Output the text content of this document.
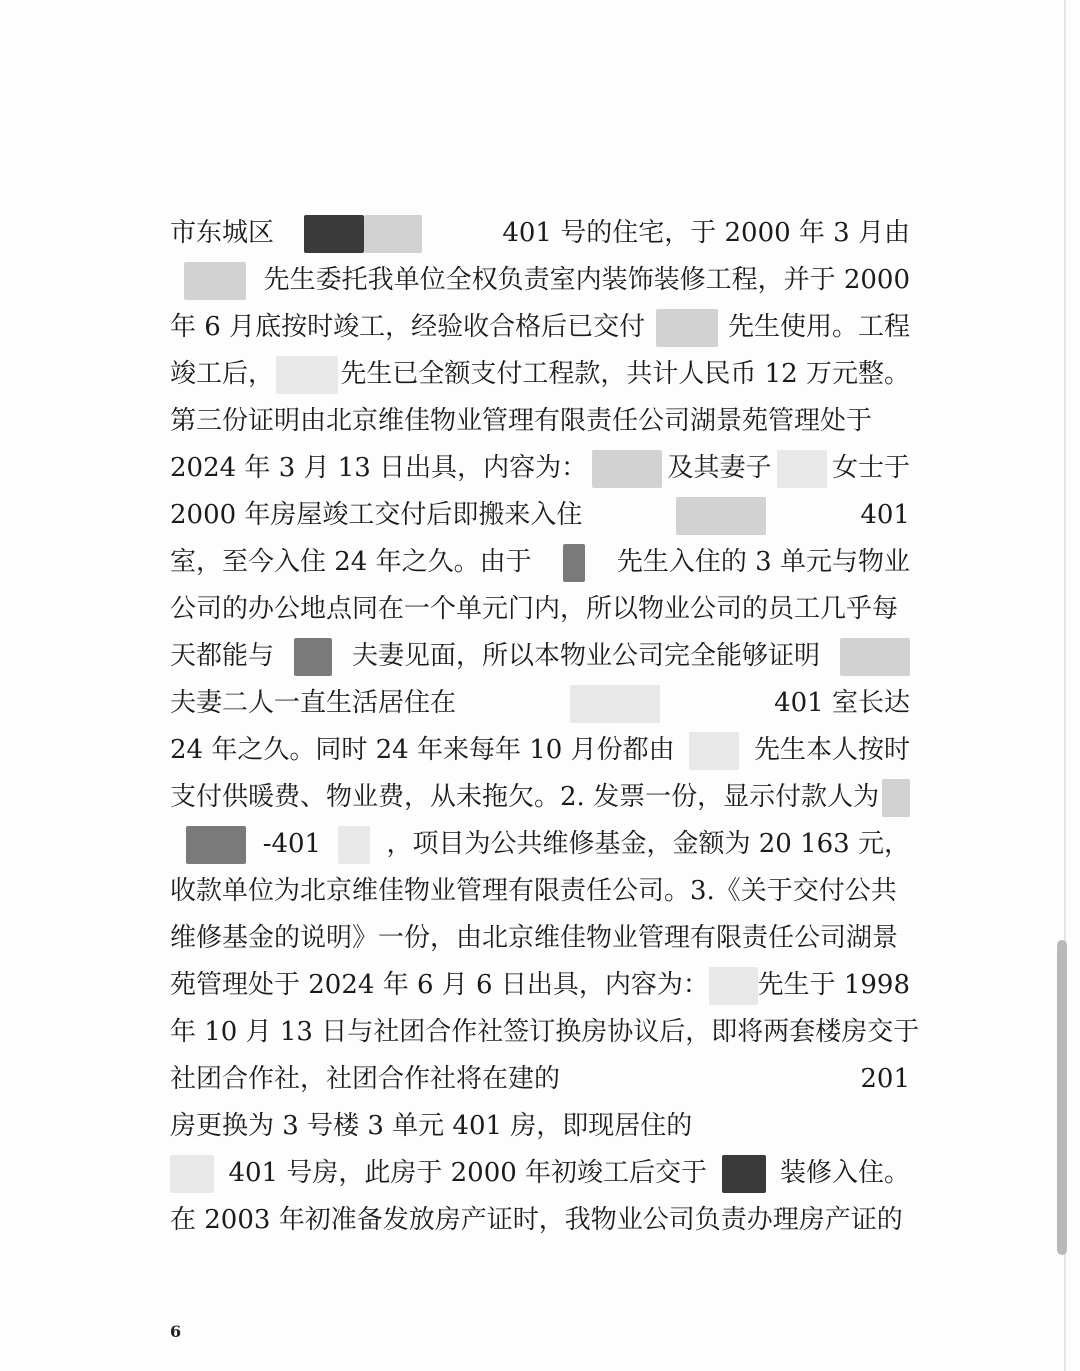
市东城区	401 号的住宅，于 2000 年 3 月由
先生委托我单位全权负责室内装饰装修工程，并于 2000
年 6 月底按时竣工，经验收合格后已交付	先生使用。工程
竣工后，	先生已全额支付工程款，共计人民币 12 万元整。
第三份证明由北京维佳物业管理有限责任公司湖景苑管理处于
2024 年 3 月 13 日出具，内容为：	及其妻子 女士于
2000 年房屋竣工交付后即搬来入住	401
室，至今入住 24 年之久。由于	先生入住的 3 单元与物业
公司的办公地点同在一个单元门内，所以物业公司的员工几乎每
天都能与	夫妻见面，所以本物业公司完全能够证明
夫妻二人一直生活居住在	401 室长达
24 年之久。同时 24 年来每年 10 月份都由	先生本人按时
支付供暖费、物业费，从未拖欠。2. 发票一份，显示付款人为
-401	，项目为公共维修基金，金额为 20 163 元，
收款单位为北京维佳物业管理有限责任公司。3.《关于交付公共
维修基金的说明》一份，由北京维佳物业管理有限责任公司湖景
苑管理处于 2024 年 6 月 6 日出具，内容为： 先生于 1998
年 10 月 13 日与社团合作社签订换房协议后，即将两套楼房交于
社团合作社，社团合作社将在建的	201
房更换为 3 号楼 3 单元 401 房，即现居住的
401 号房，此房于 2000 年初竣工后交于	装修入住。
在 2003 年初准备发放房产证时，我物业公司负责办理房产证的
6
